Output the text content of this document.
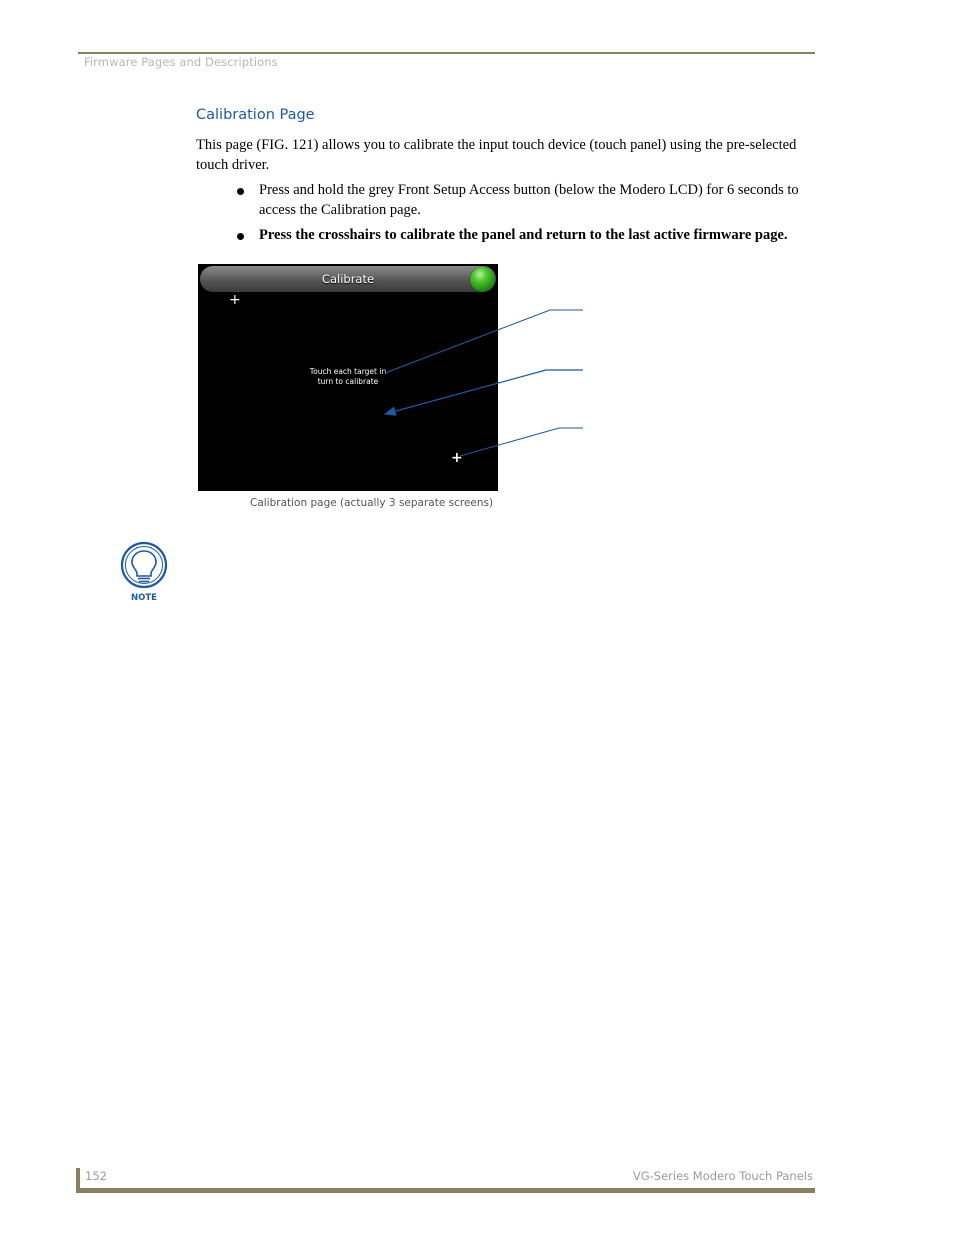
Firmware Pages and Descriptions
Calibration Page
This page (FIG. 121) allows you to calibrate the input touch device (touch panel) using the pre-selected touch driver.
Press and hold the grey Front Setup Access button (below the Modero LCD) for 6 seconds to access the Calibration page.
Press the crosshairs to calibrate the panel and return to the last active firmware page.
Calibrate
+
Touch each target in
turn to calibrate
+
Calibration page (actually 3 separate screens)
NOTE
152	VG-Series Modero Touch Panels
